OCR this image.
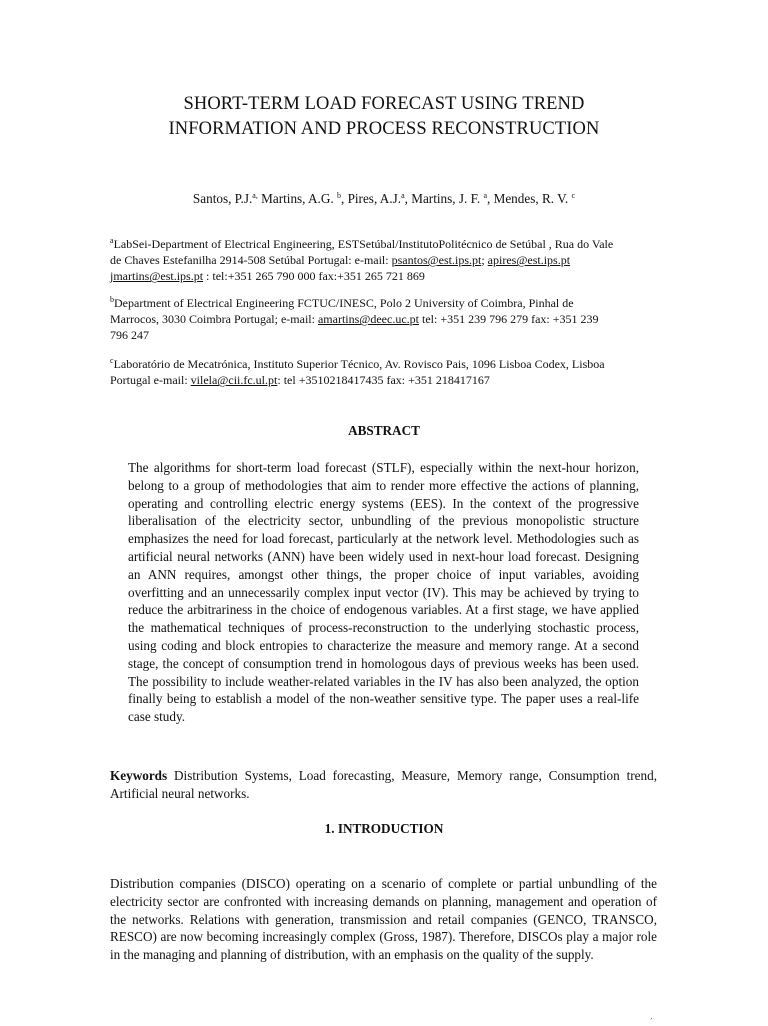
SHORT-TERM LOAD FORECAST USING TREND
INFORMATION AND PROCESS RECONSTRUCTION
Santos, P.J.$^{a,}$ Martins, A.G. $^b$, Pires, A.J.$^a$, Martins, J. F. $^a$, Mendes, R. V. $^c$
$^a$LabSei-Department of Electrical Engineering, ESTSetúbal/InstitutoPolitécnico de Setúbal , Rua do Vale
de Chaves Estefanilha 2914-508 Setúbal Portugal: e-mail: psantos@est.ips.pt; apires@est.ips.pt
jmartins@est.ips.pt : tel:+351 265 790 000 fax:+351 265 721 869
$^b$Department of Electrical Engineering FCTUC/INESC, Polo 2 University of Coimbra, Pinhal de
Marrocos, 3030 Coimbra Portugal; e-mail: amartins@deec.uc.pt tel: +351 239 796 279 fax: +351 239
796 247
$^c$Laboratório de Mecatrónica, Instituto Superior Técnico, Av. Rovisco Pais, 1096 Lisboa Codex, Lisboa
Portugal e-mail: vilela@cii.fc.ul.pt: tel +3510218417435 fax: +351 218417167
ABSTRACT
The algorithms for short-term load forecast (STLF), especially within the next-hour horizon, belong to a group of methodologies that aim to render more effective the actions of planning, operating and controlling electric energy systems (EES). In the context of the progressive liberalisation of the electricity sector, unbundling of the previous monopolistic structure emphasizes the need for load forecast, particularly at the network level. Methodologies such as artificial neural networks (ANN) have been widely used in next-hour load forecast. Designing an ANN requires, amongst other things, the proper choice of input variables, avoiding overfitting and an unnecessarily complex input vector (IV). This may be achieved by trying to reduce the arbitrariness in the choice of endogenous variables. At a first stage, we have applied the mathematical techniques of process-reconstruction to the underlying stochastic process, using coding and block entropies to characterize the measure and memory range. At a second stage, the concept of consumption trend in homologous days of previous weeks has been used. The possibility to include weather-related variables in the IV has also been analyzed, the option finally being to establish a model of the non-weather sensitive type. The paper uses a real-life case study.
Keywords Distribution Systems, Load forecasting, Measure, Memory range, Consumption trend, Artificial neural networks.
1. INTRODUCTION
Distribution companies (DISCO) operating on a scenario of complete or partial unbundling of the electricity sector are confronted with increasing demands on planning, management and operation of the networks. Relations with generation, transmission and retail companies (GENCO, TRANSCO, RESCO) are now becoming increasingly complex (Gross, 1987). Therefore, DISCOs play a major role in the managing and planning of distribution, with an emphasis on the quality of the supply.
´
